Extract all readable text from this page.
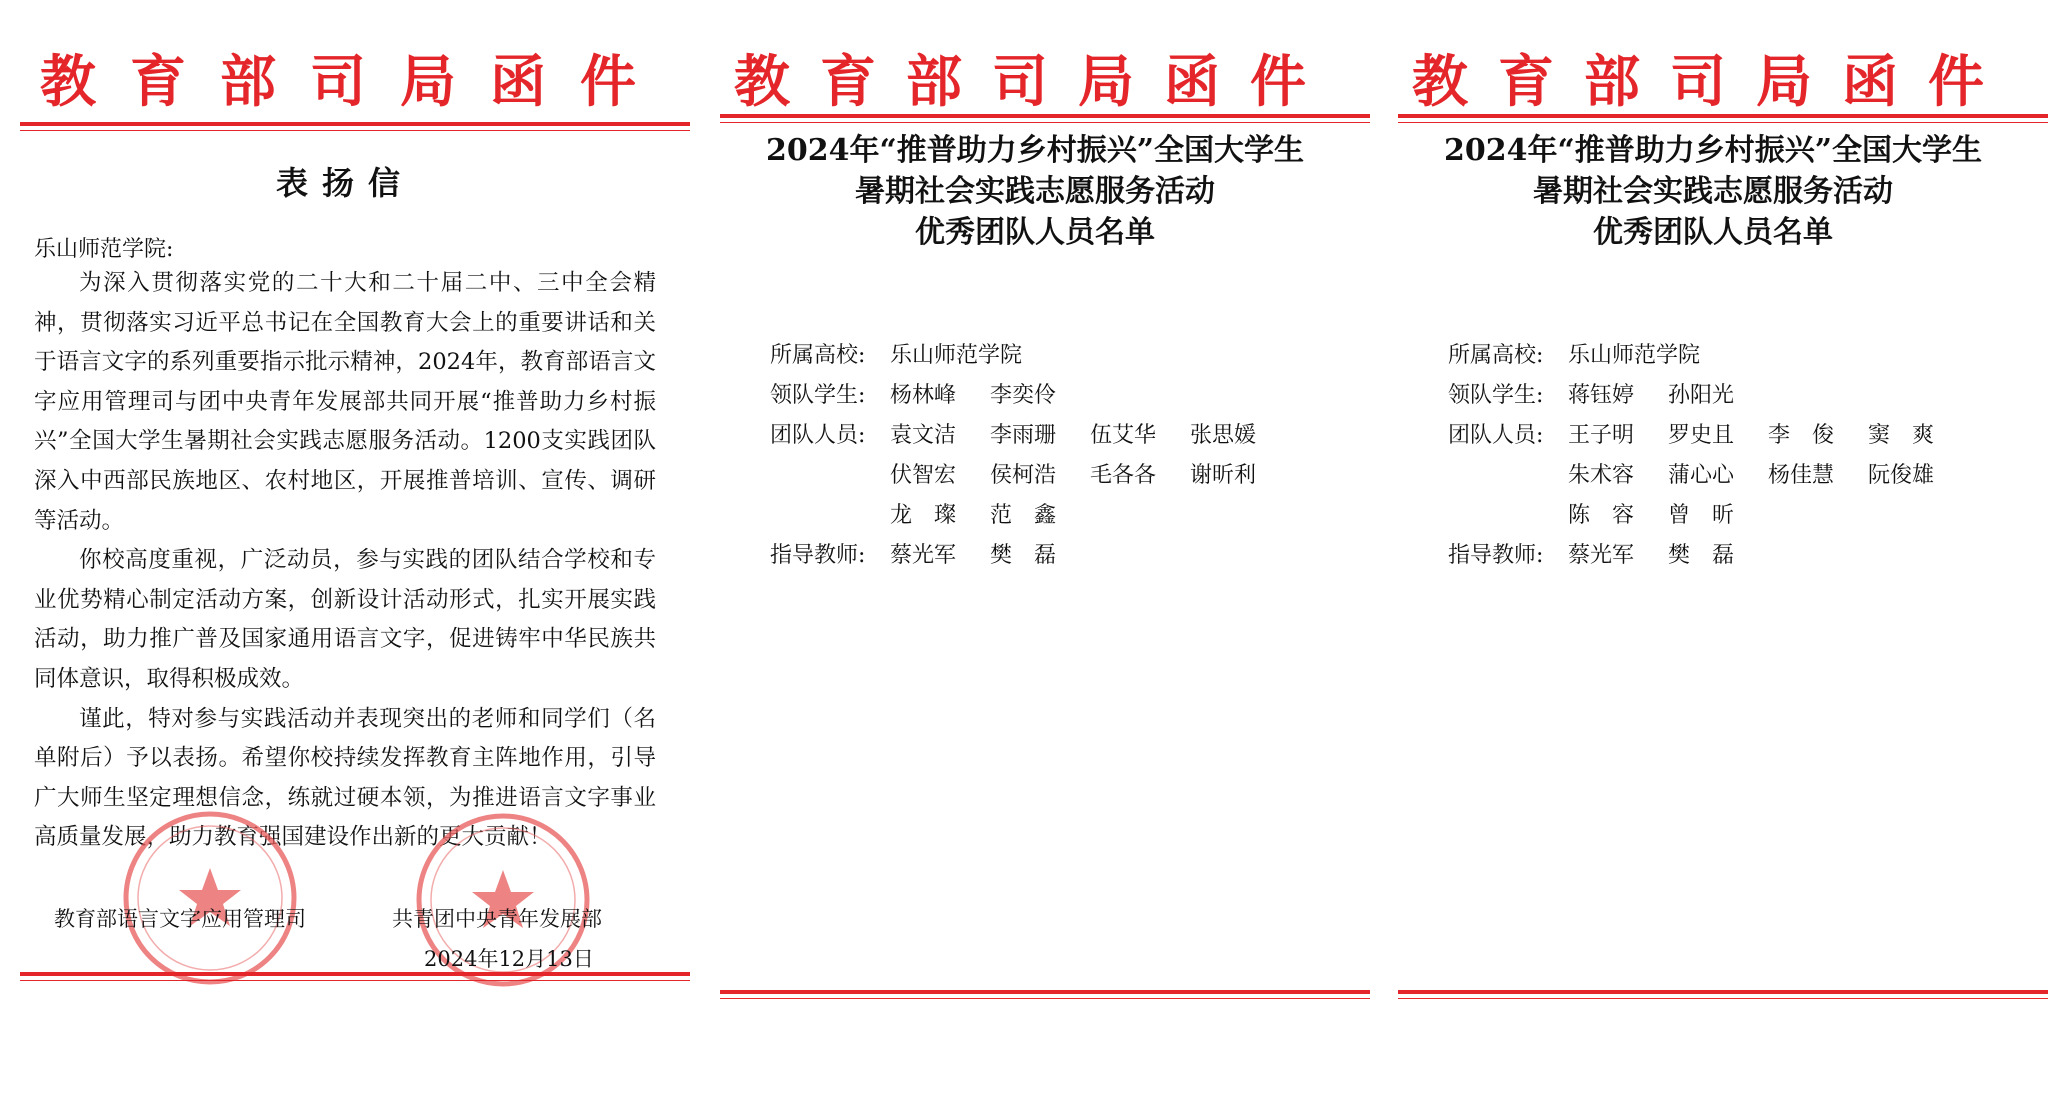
教育部司局函件
表扬信
乐山师范学院:

为深入贯彻落实党的二十大和二十届二中、三中全会精神，贯彻落实习近平总书记在全国教育大会上的重要讲话和关于语言文字的系列重要指示批示精神，2024年，教育部语言文字应用管理司与团中央青年发展部共同开展“推普助力乡村振兴”全国大学生暑期社会实践志愿服务活动。1200支实践团队深入中西部民族地区、农村地区，开展推普培训、宣传、调研等活动。

你校高度重视，广泛动员，参与实践的团队结合学校和专业优势精心制定活动方案，创新设计活动形式，扎实开展实践活动，助力推广普及国家通用语言文字，促进铸牢中华民族共同体意识，取得积极成效。

谨此，特对参与实践活动并表现突出的老师和同学们（名单附后）予以表扬。希望你校持续发挥教育主阵地作用，引导广大师生坚定理想信念，练就过硬本领，为推进语言文字事业高质量发展，助力教育强国建设作出新的更大贡献！

教育部语言文字应用管理司	共青团中央青年发展部
2024年12月13日
教育部司局函件
2024年“推普助力乡村振兴”全国大学生
暑期社会实践志愿服务活动
优秀团队人员名单
所属高校:	乐山师范学院
领队学生:	杨林峰	李奕伶
团队人员:	袁文洁	李雨珊	伍艾华	张思媛
伏智宏	侯柯浩	毛各各	谢昕利
龙　璨	范　鑫
指导教师:	蔡光军	樊　磊
教育部司局函件
2024年“推普助力乡村振兴”全国大学生
暑期社会实践志愿服务活动
优秀团队人员名单
所属高校:	乐山师范学院
领队学生:	蒋钰婷	孙阳光
团队人员:	王子明	罗史且	李　俊	窦　爽
朱术容	蒲心心	杨佳慧	阮俊雄
陈　容	曾　昕
指导教师:	蔡光军	樊　磊
